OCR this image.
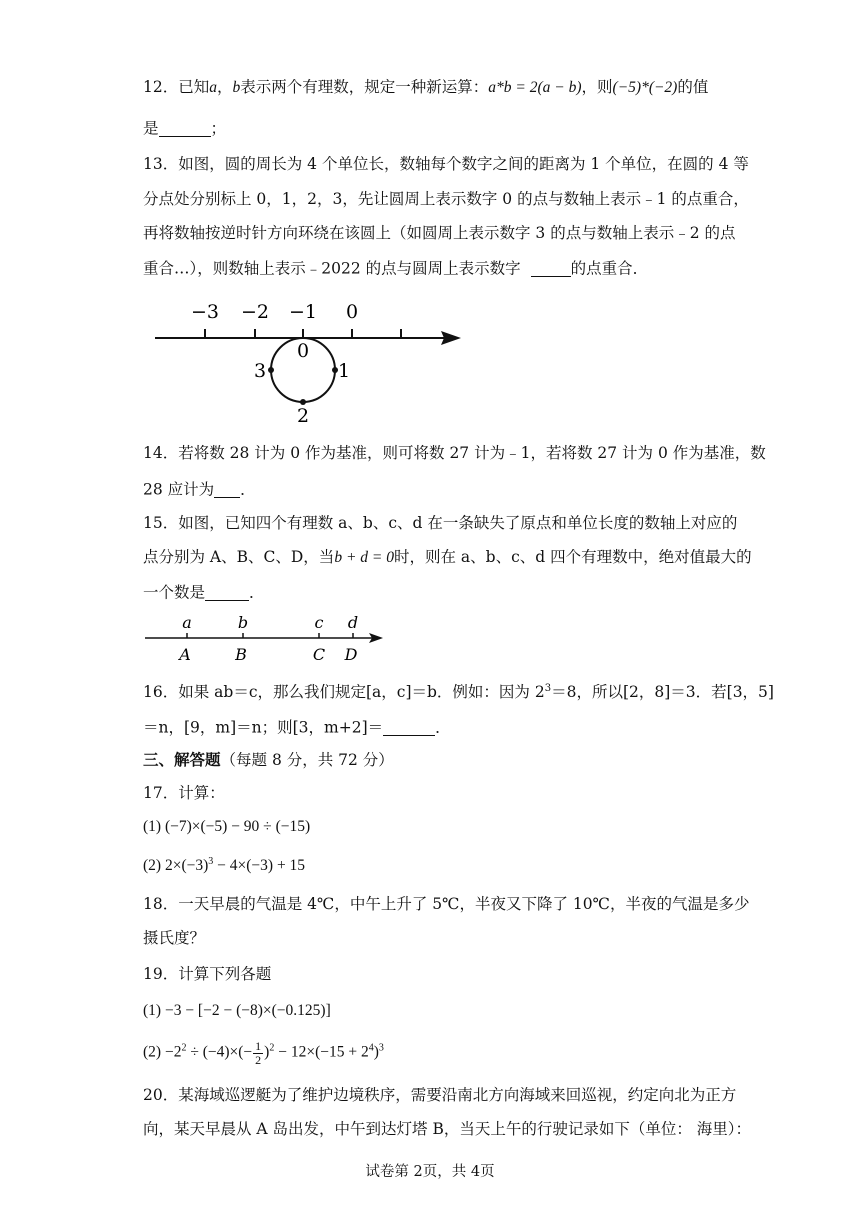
12．已知a，b表示两个有理数，规定一种新运算：a*b = 2(a − b)，则(−5)*(−2)的值
是	；
13．如图，圆的周长为 4 个单位长，数轴每个数字之间的距离为 1 个单位，在圆的 4 等
分点处分别标上 0，1，2，3，先让圆周上表示数字 0 的点与数轴上表示﹣1 的点重合，
再将数轴按逆时针方向环绕在该圆上（如圆周上表示数字 3 的点与数轴上表示﹣2 的点
重合…），则数轴上表示﹣2022 的点与圆周上表示数字	的点重合．
−3 −2 −1 0
0
1
2
3
14．若将数 28 计为 0 作为基准，则可将数 27 计为﹣1，若将数 27 计为 0 作为基准，数
28 应计为 ．
15．如图，已知四个有理数 a、b、c、d 在一条缺失了原点和单位长度的数轴上对应的
点分别为 A、B、C、D，当b + d = 0时，则在 a、b、c、d 四个有理数中，绝对值最大的
一个数是	．
a	b	c d
A	B	C D
16．如果 ab＝c，那么我们规定[a，c]＝b．例如：因为 $2^3=8$，所以[2，8]＝3．若[3，5]
＝n，[9，m]＝n；则[3，m+2]＝	．
三、解答题（每题 8 分，共 72 分）
17．计算：
(1) (−7)×(−5) − 90 ÷ (−15)
(2) $2\times(-3)^3 - 4\times(-3) + 15$
18．一天早晨的气温是 4℃，中午上升了 5℃，半夜又下降了 10℃，半夜的气温是多少
摄氏度？
19．计算下列各题
(1) −3 − [−2 − (−8)×(−0.125)]
$(2) -2^2 \div (-4)\times(- \frac{1}{2} )^2 - 12\times(-15 + 2^4)^3$
20．某海域巡逻艇为了维护边境秩序，需要沿南北方向海域来回巡视，约定向北为正方
向，某天早晨从 A 岛出发，中午到达灯塔 B，当天上午的行驶记录如下（单位： 海里）：
试卷第 2页，共 4页
